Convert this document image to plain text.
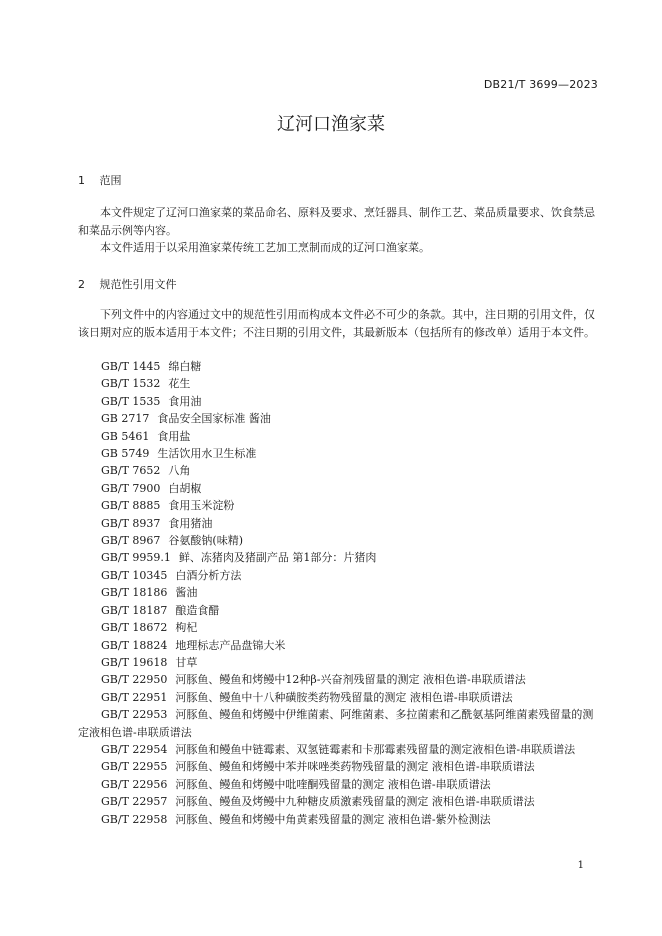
DB21/T 3699—2023
辽河口渔家菜
1 范围

本文件规定了辽河口渔家菜的菜品命名、原料及要求、烹饪器具、制作工艺、菜品质量要求、饮食禁忌和菜品示例等内容。

本文件适用于以采用渔家菜传统工艺加工烹制而成的辽河口渔家菜。

2 规范性引用文件

下列文件中的内容通过文中的规范性引用而构成本文件必不可少的条款。其中，注日期的引用文件，仅该日期对应的版本适用于本文件；不注日期的引用文件，其最新版本（包括所有的修改单）适用于本文件。

GB/T 1445 绵白糖
GB/T 1532 花生
GB/T 1535 食用油
GB 2717 食品安全国家标准 酱油
GB 5461 食用盐
GB 5749 生活饮用水卫生标准
GB/T 7652 八角
GB/T 7900 白胡椒
GB/T 8885 食用玉米淀粉
GB/T 8937 食用猪油
GB/T 8967 谷氨酸钠(味精)
GB/T 9959.1 鲜、冻猪肉及猪副产品 第1部分：片猪肉
GB/T 10345 白酒分析方法
GB/T 18186 酱油
GB/T 18187 酿造食醋
GB/T 18672 枸杞
GB/T 18824 地理标志产品盘锦大米
GB/T 19618 甘草
GB/T 22950 河豚鱼、鳗鱼和烤鳗中12种β-兴奋剂残留量的测定 液相色谱-串联质谱法
GB/T 22951 河豚鱼、鳗鱼中十八种磺胺类药物残留量的测定 液相色谱-串联质谱法
GB/T 22953 河豚鱼、鳗鱼和烤鳗中伊维菌素、阿维菌素、多拉菌素和乙酰氨基阿维菌素残留量的测定液相色谱-串联质谱法
GB/T 22954 河豚鱼和鳗鱼中链霉素、双氢链霉素和卡那霉素残留量的测定液相色谱-串联质谱法
GB/T 22955 河豚鱼、鳗鱼和烤鳗中苯并咪唑类药物残留量的测定 液相色谱-串联质谱法
GB/T 22956 河豚鱼、鳗鱼和烤鳗中吡喹酮残留量的测定 液相色谱-串联质谱法
GB/T 22957 河豚鱼、鳗鱼及烤鳗中九种糖皮质激素残留量的测定 液相色谱-串联质谱法
GB/T 22958 河豚鱼、鳗鱼和烤鳗中角黄素残留量的测定 液相色谱-紫外检测法
1
